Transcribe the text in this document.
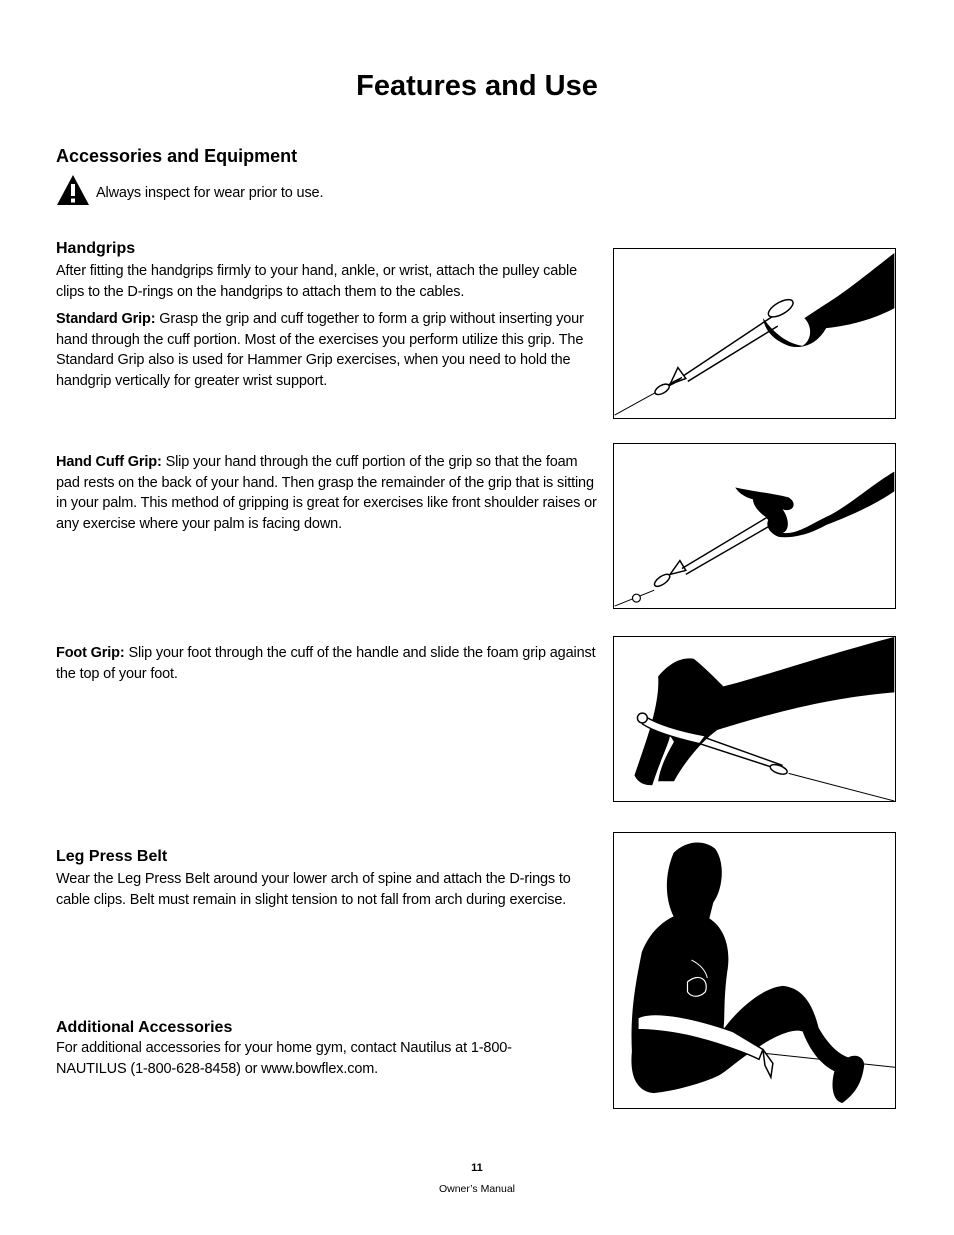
Features and Use
Accessories and Equipment
Always inspect for wear prior to use.
Handgrips

After fitting the handgrips firmly to your hand, ankle, or wrist, attach the pulley cable clips to the D-rings on the handgrips to attach them to the cables.

Standard Grip: Grasp the grip and cuff together to form a grip without inserting your hand through the cuff portion. Most of the exercises you perform utilize this grip. The Standard Grip also is used for Hammer Grip exercises, when you need to hold the handgrip vertically for greater wrist support.

Hand Cuff Grip: Slip your hand through the cuff portion of the grip so that the foam pad rests on the back of your hand. Then grasp the remainder of the grip that is sitting in your palm. This method of gripping is great for exercises like front shoulder raises or any exercise where your palm is facing down.

Foot Grip: Slip your foot through the cuff of the handle and slide the foam grip against the top of your foot.

Leg Press Belt

Wear the Leg Press Belt around your lower arch of spine and attach the D-rings to cable clips. Belt must remain in slight tension to not fall from arch during exercise.

Additional Accessories

For additional accessories for your home gym, contact Nautilus at 1-800-NAUTILUS (1-800-628-8458) or www.bowflex.com.

11
Owner’s Manual
